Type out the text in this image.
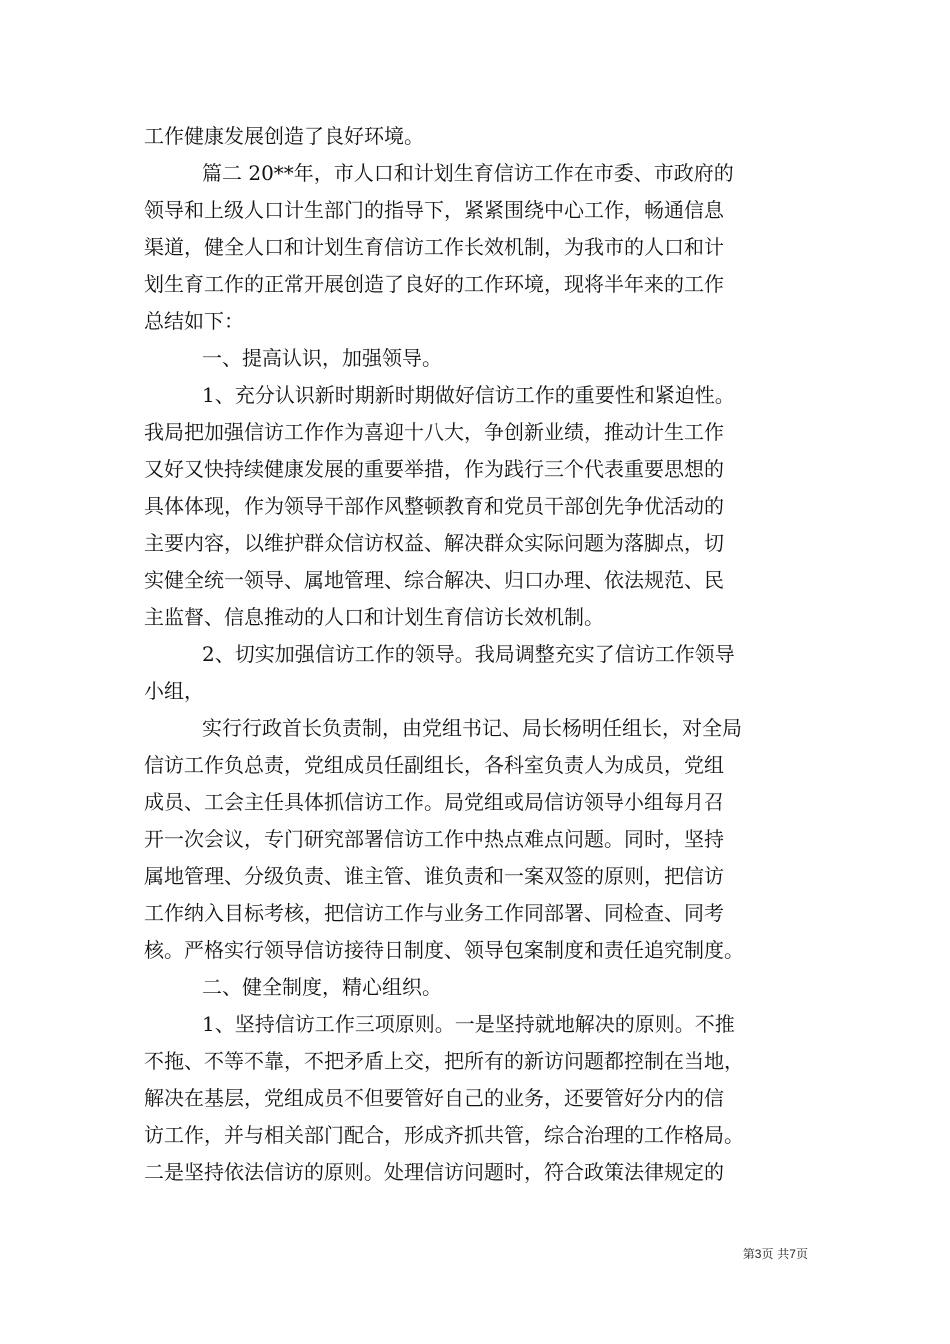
工作健康发展创造了良好环境。
篇二 20**年，市人口和计划生育信访工作在市委、市政府的
领导和上级人口计生部门的指导下，紧紧围绕中心工作，畅通信息
渠道，健全人口和计划生育信访工作长效机制，为我市的人口和计
划生育工作的正常开展创造了良好的工作环境，现将半年来的工作
总结如下：
一、提高认识，加强领导。
1、充分认识新时期新时期做好信访工作的重要性和紧迫性。
我局把加强信访工作作为喜迎十八大，争创新业绩，推动计生工作
又好又快持续健康发展的重要举措，作为践行三个代表重要思想的
具体体现，作为领导干部作风整顿教育和党员干部创先争优活动的
主要内容，以维护群众信访权益、解决群众实际问题为落脚点，切
实健全统一领导、属地管理、综合解决、归口办理、依法规范、民
主监督、信息推动的人口和计划生育信访长效机制。
2、切实加强信访工作的领导。我局调整充实了信访工作领导
小组，
实行行政首长负责制，由党组书记、局长杨明任组长，对全局
信访工作负总责，党组成员任副组长，各科室负责人为成员，党组
成员、工会主任具体抓信访工作。局党组或局信访领导小组每月召
开一次会议，专门研究部署信访工作中热点难点问题。同时，坚持
属地管理、分级负责、谁主管、谁负责和一案双签的原则，把信访
工作纳入目标考核，把信访工作与业务工作同部署、同检查、同考
核。严格实行领导信访接待日制度、领导包案制度和责任追究制度。
二、健全制度，精心组织。
1、坚持信访工作三项原则。一是坚持就地解决的原则。不推
不拖、不等不靠，不把矛盾上交，把所有的新访问题都控制在当地，
解决在基层，党组成员不但要管好自己的业务，还要管好分内的信
访工作，并与相关部门配合，形成齐抓共管，综合治理的工作格局。
二是坚持依法信访的原则。处理信访问题时，符合政策法律规定的
第3页 共7页
